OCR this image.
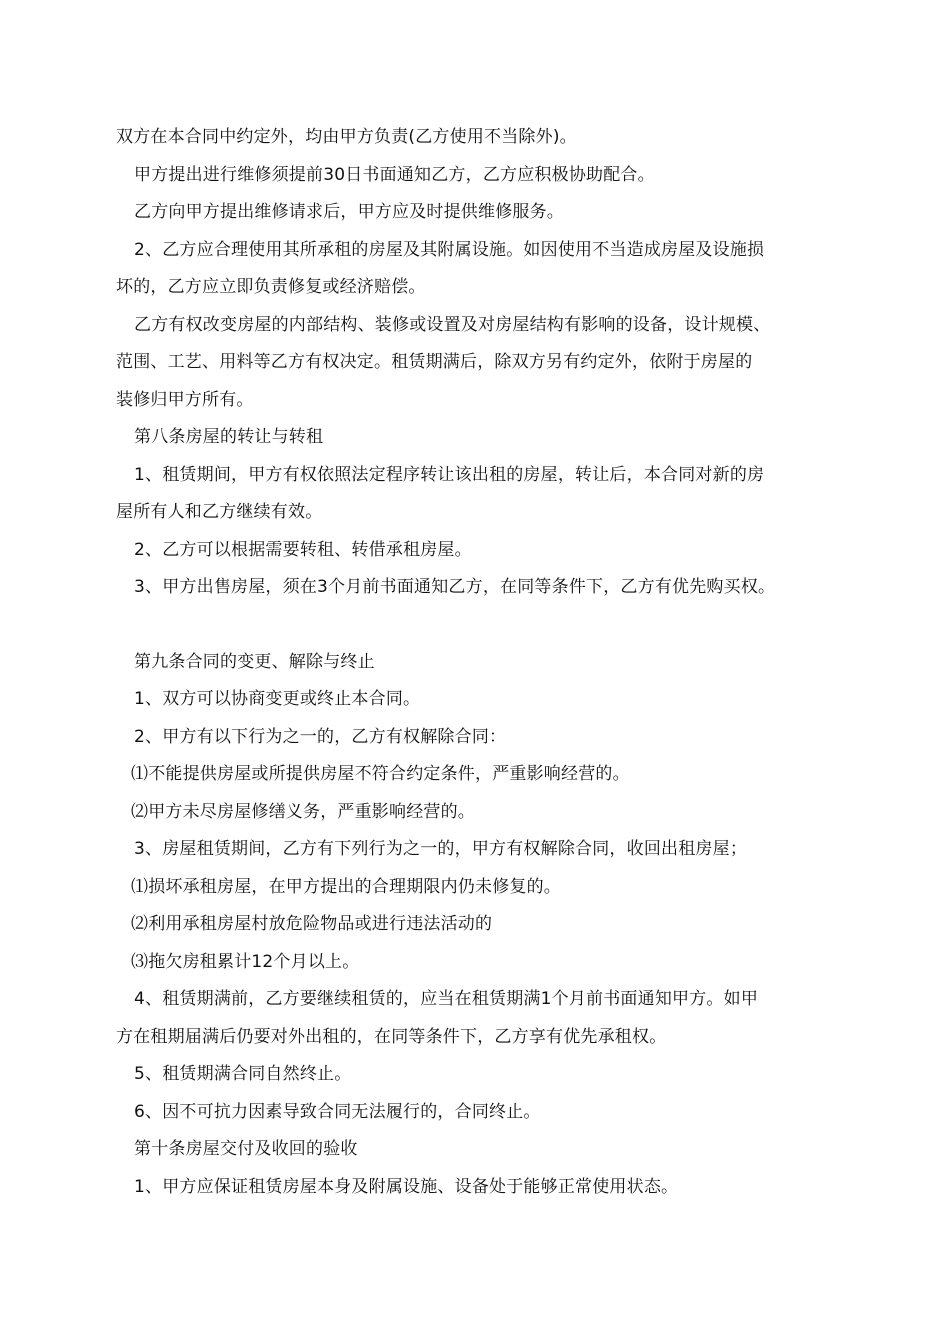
双方在本合同中约定外，均由甲方负责(乙方使用不当除外)。
甲方提出进行维修须提前30日书面通知乙方，乙方应积极协助配合。
乙方向甲方提出维修请求后，甲方应及时提供维修服务。
2、乙方应合理使用其所承租的房屋及其附属设施。如因使用不当造成房屋及设施损
坏的，乙方应立即负责修复或经济赔偿。
乙方有权改变房屋的内部结构、装修或设置及对房屋结构有影响的设备，设计规模、
范围、工艺、用料等乙方有权决定。租赁期满后，除双方另有约定外，依附于房屋的
装修归甲方所有。
第八条房屋的转让与转租
1、租赁期间，甲方有权依照法定程序转让该出租的房屋，转让后，本合同对新的房
屋所有人和乙方继续有效。
2、乙方可以根据需要转租、转借承租房屋。
3、甲方出售房屋，须在3个月前书面通知乙方，在同等条件下，乙方有优先购买权。
第九条合同的变更、解除与终止
1、双方可以协商变更或终止本合同。
2、甲方有以下行为之一的，乙方有权解除合同：
⑴不能提供房屋或所提供房屋不符合约定条件，严重影响经营的。
⑵甲方未尽房屋修缮义务，严重影响经营的。
3、房屋租赁期间，乙方有下列行为之一的，甲方有权解除合同，收回出租房屋；
⑴损坏承租房屋，在甲方提出的合理期限内仍未修复的。
⑵利用承租房屋村放危险物品或进行违法活动的
⑶拖欠房租累计12个月以上。
4、租赁期满前，乙方要继续租赁的，应当在租赁期满1个月前书面通知甲方。如甲
方在租期届满后仍要对外出租的，在同等条件下，乙方享有优先承租权。
5、租赁期满合同自然终止。
6、因不可抗力因素导致合同无法履行的，合同终止。
第十条房屋交付及收回的验收
1、甲方应保证租赁房屋本身及附属设施、设备处于能够正常使用状态。
